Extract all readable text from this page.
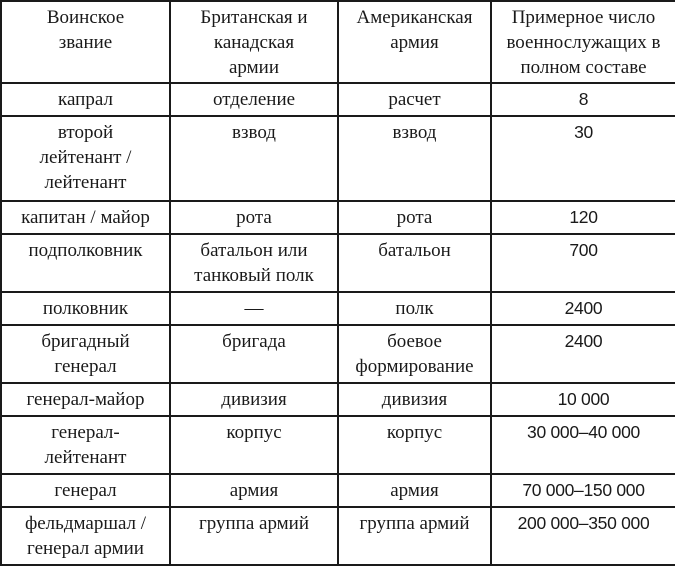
Воинское звание	Британская и канадская армии	Американская армия	Примерное число военнослужащих в полном составе
капрал	отделение	расчет	8
второй лейтенант / лейтенант	взвод	взвод	30
капитан / майор	рота	рота	120
подполковник	батальон или танковый полк	батальон	700
полковник	—	полк	2400
бригадный генерал	бригада	боевое формирование	2400
генерал-майор	дивизия	дивизия	10 000
генерал-лейтенант	корпус	корпус	30 000–40 000
генерал	армия	армия	70 000–150 000
фельдмаршал / генерал армии	группа армий	группа армий	200 000–350 000
